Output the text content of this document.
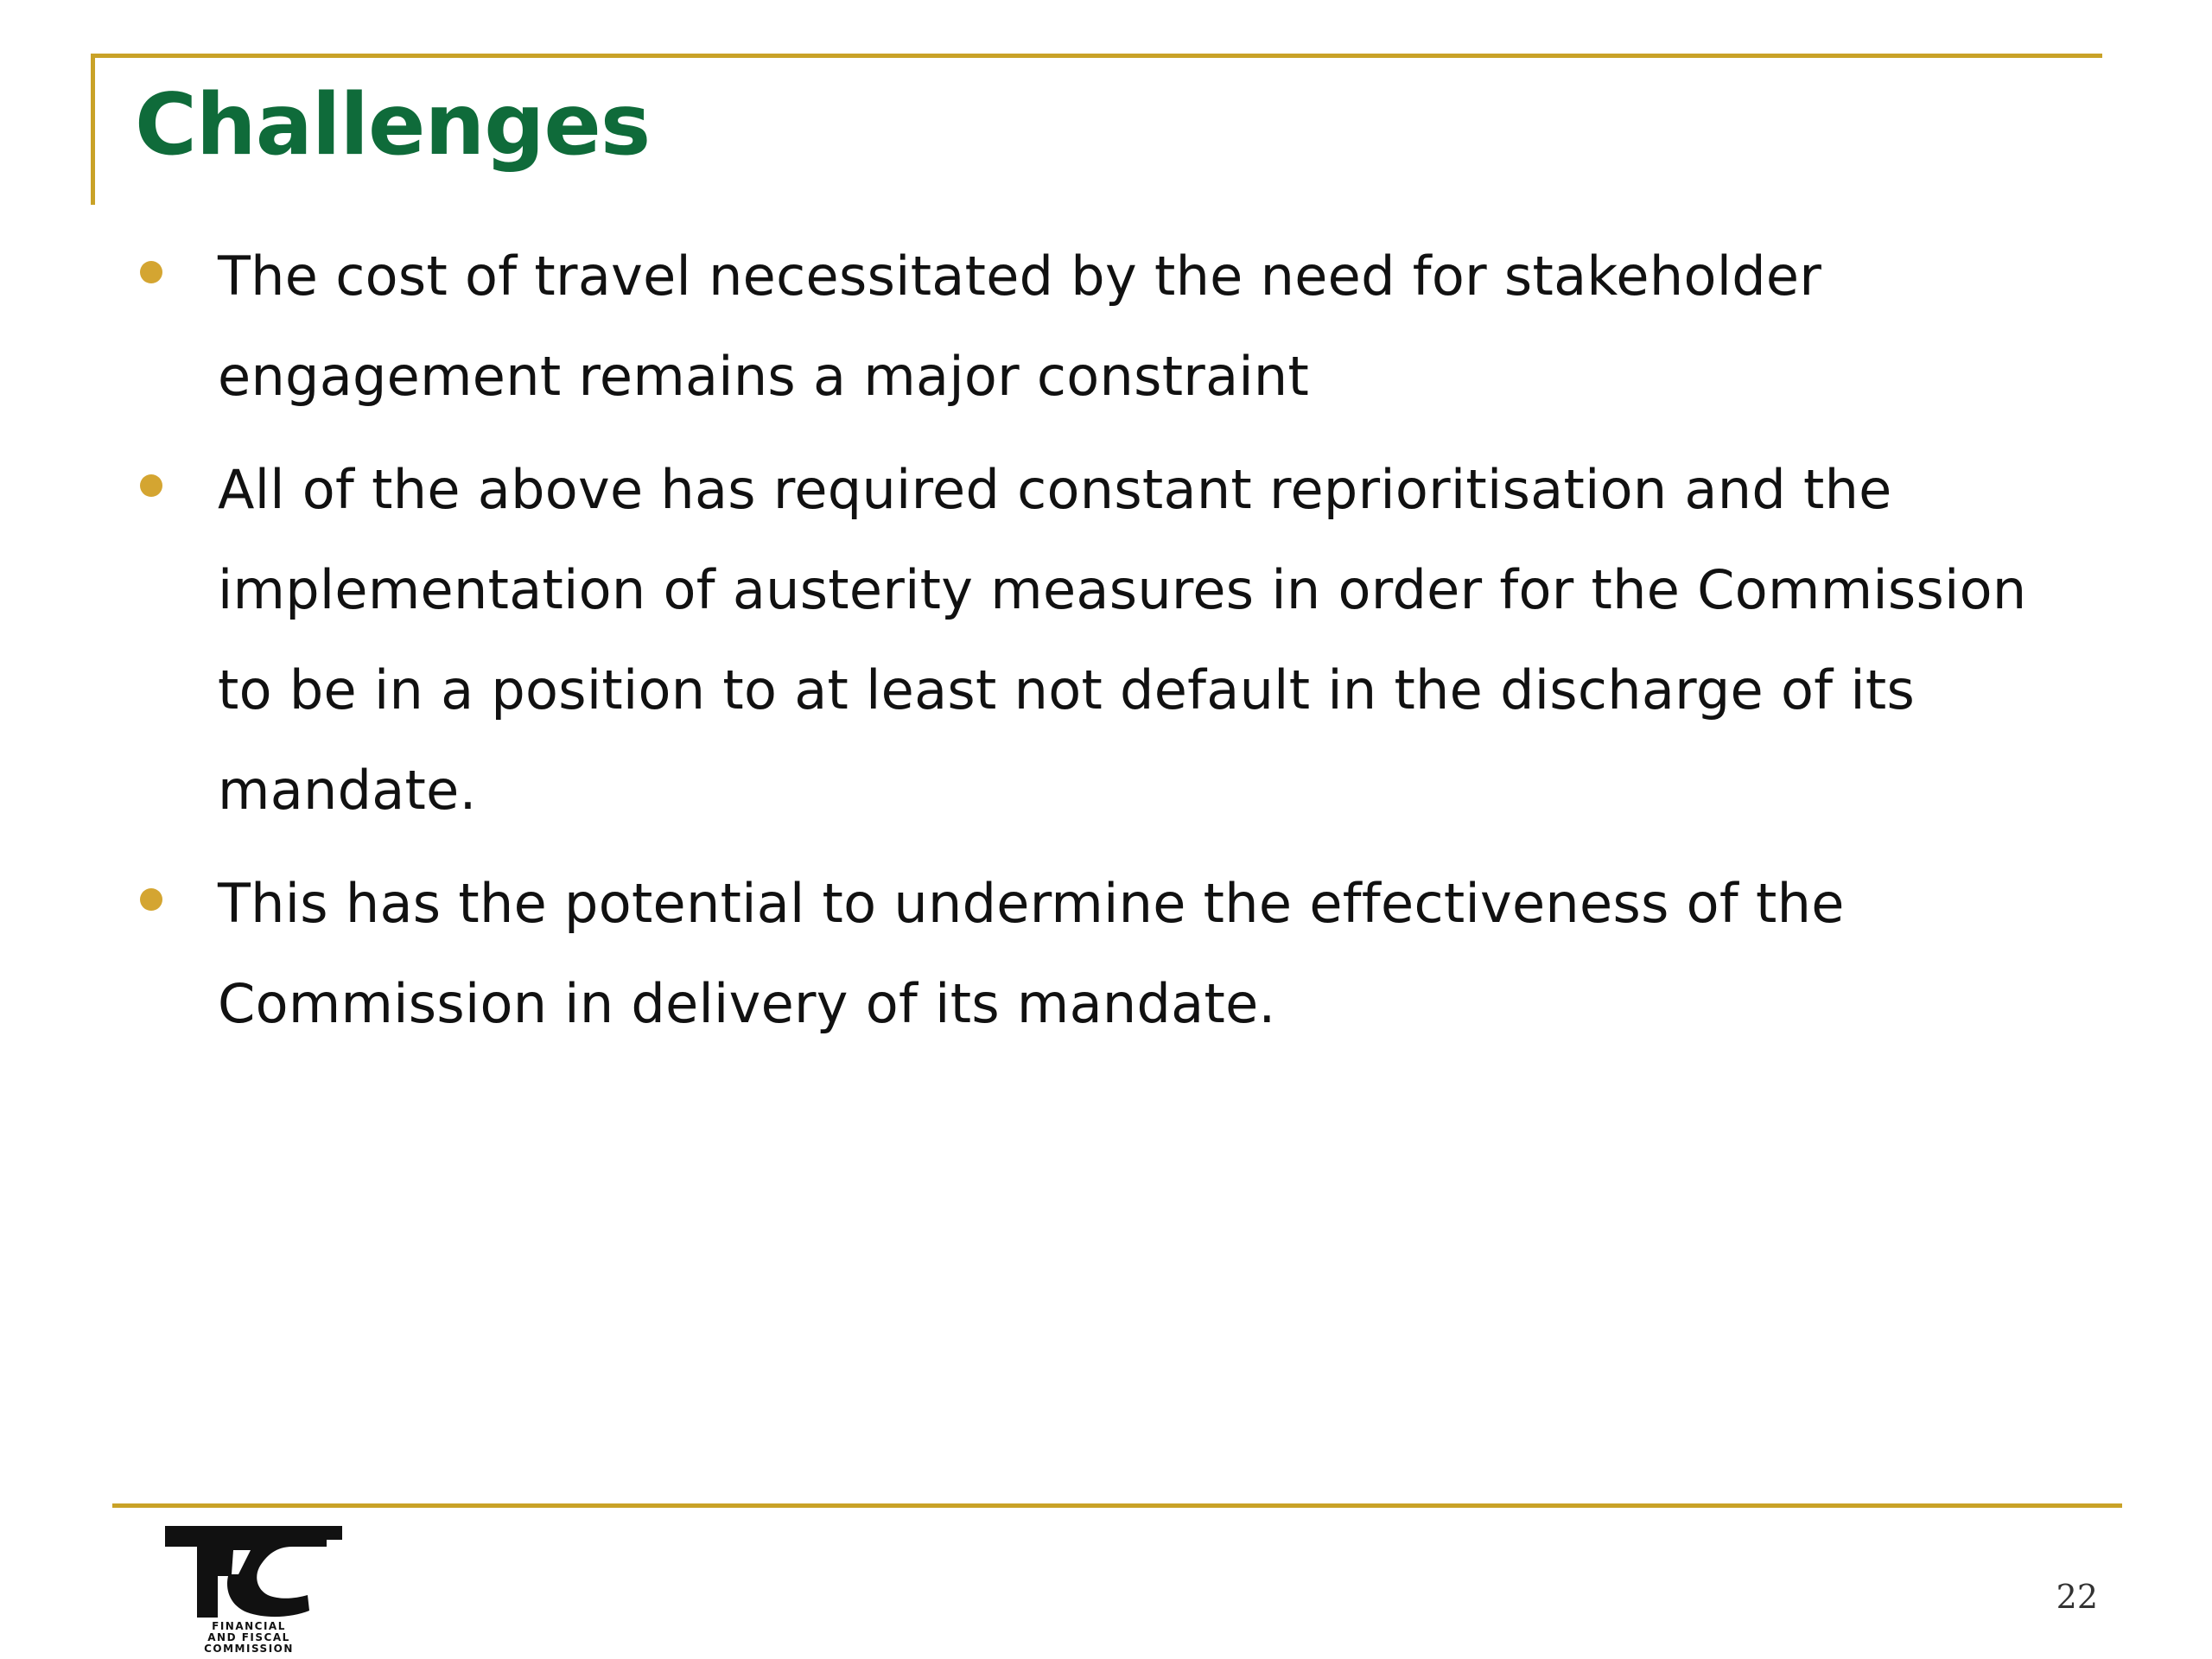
Challenges
The cost of travel necessitated by the need for stakeholder engagement remains a major constraint
All of the above has required constant reprioritisation and the implementation of austerity measures in order for the Commission to be in a position to at least not default in the discharge of its mandate.
This has the potential to undermine the effectiveness of the Commission in delivery of its mandate.
FINANCIAL
AND FISCAL
COMMISSION
22
